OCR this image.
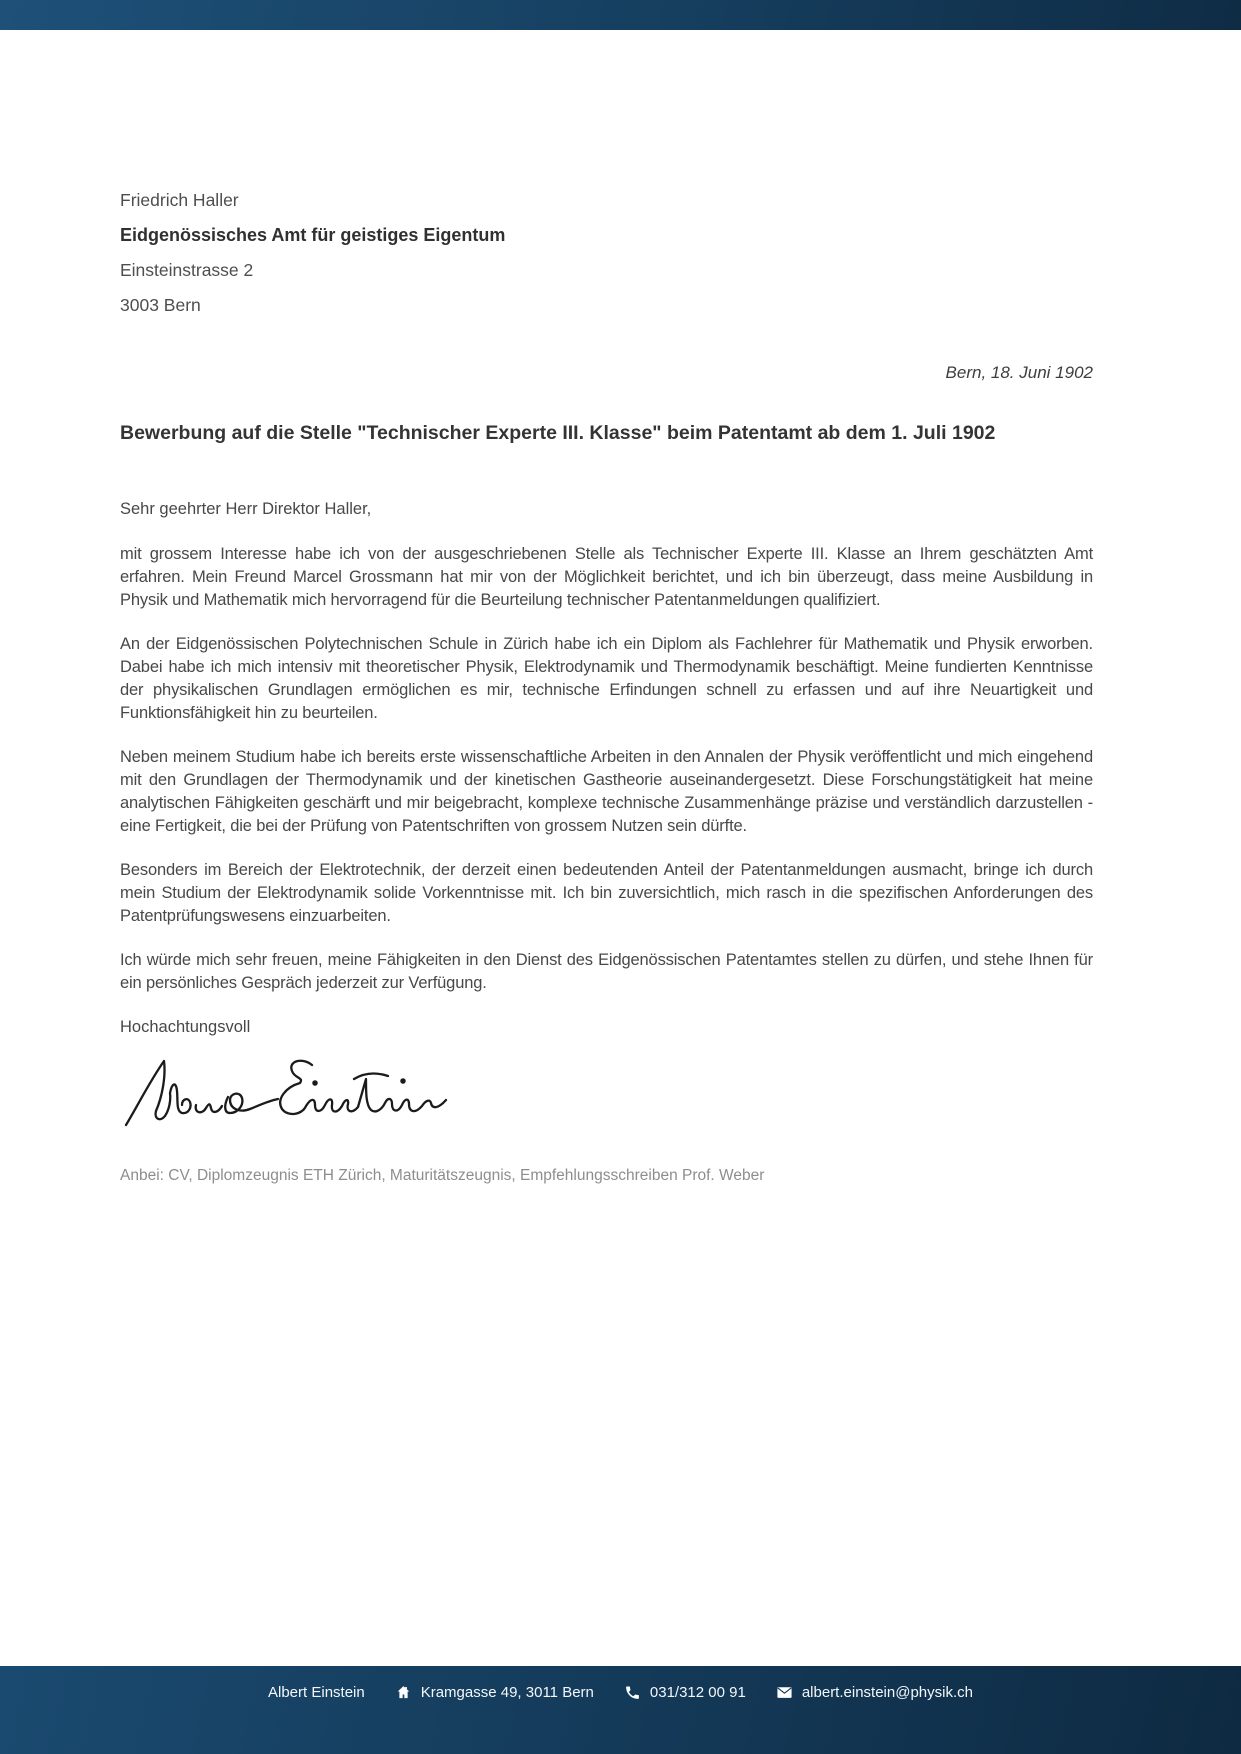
Friedrich Haller
Eidgenössisches Amt für geistiges Eigentum
Einsteinstrasse 2
3003 Bern
Bern, 18. Juni 1902
Bewerbung auf die Stelle "Technischer Experte III. Klasse" beim Patentamt ab dem 1. Juli 1902
Sehr geehrter Herr Direktor Haller,

mit grossem Interesse habe ich von der ausgeschriebenen Stelle als Technischer Experte III. Klasse an Ihrem geschätzten Amt erfahren. Mein Freund Marcel Grossmann hat mir von der Möglichkeit berichtet, und ich bin überzeugt, dass meine Ausbildung in Physik und Mathematik mich hervorragend für die Beurteilung technischer Patentanmeldungen qualifiziert.

An der Eidgenössischen Polytechnischen Schule in Zürich habe ich ein Diplom als Fachlehrer für Mathematik und Physik erworben. Dabei habe ich mich intensiv mit theoretischer Physik, Elektrodynamik und Thermodynamik beschäftigt. Meine fundierten Kenntnisse der physikalischen Grundlagen ermöglichen es mir, technische Erfindungen schnell zu erfassen und auf ihre Neuartigkeit und Funktionsfähigkeit hin zu beurteilen.

Neben meinem Studium habe ich bereits erste wissenschaftliche Arbeiten in den Annalen der Physik veröffentlicht und mich eingehend mit den Grundlagen der Thermodynamik und der kinetischen Gastheorie auseinandergesetzt. Diese Forschungstätigkeit hat meine analytischen Fähigkeiten geschärft und mir beigebracht, komplexe technische Zusammenhänge präzise und verständlich darzustellen - eine Fertigkeit, die bei der Prüfung von Patentschriften von grossem Nutzen sein dürfte.

Besonders im Bereich der Elektrotechnik, der derzeit einen bedeutenden Anteil der Patentanmeldungen ausmacht, bringe ich durch mein Studium der Elektrodynamik solide Vorkenntnisse mit. Ich bin zuversichtlich, mich rasch in die spezifischen Anforderungen des Patentprüfungswesens einzuarbeiten.

Ich würde mich sehr freuen, meine Fähigkeiten in den Dienst des Eidgenössischen Patentamtes stellen zu dürfen, und stehe Ihnen für ein persönliches Gespräch jederzeit zur Verfügung.

Hochachtungsvoll
Anbei: CV, Diplomzeugnis ETH Zürich, Maturitätszeugnis, Empfehlungsschreiben Prof. Weber
Albert Einstein	Kramgasse 49, 3011 Bern	031/312 00 91	albert.einstein@physik.ch
